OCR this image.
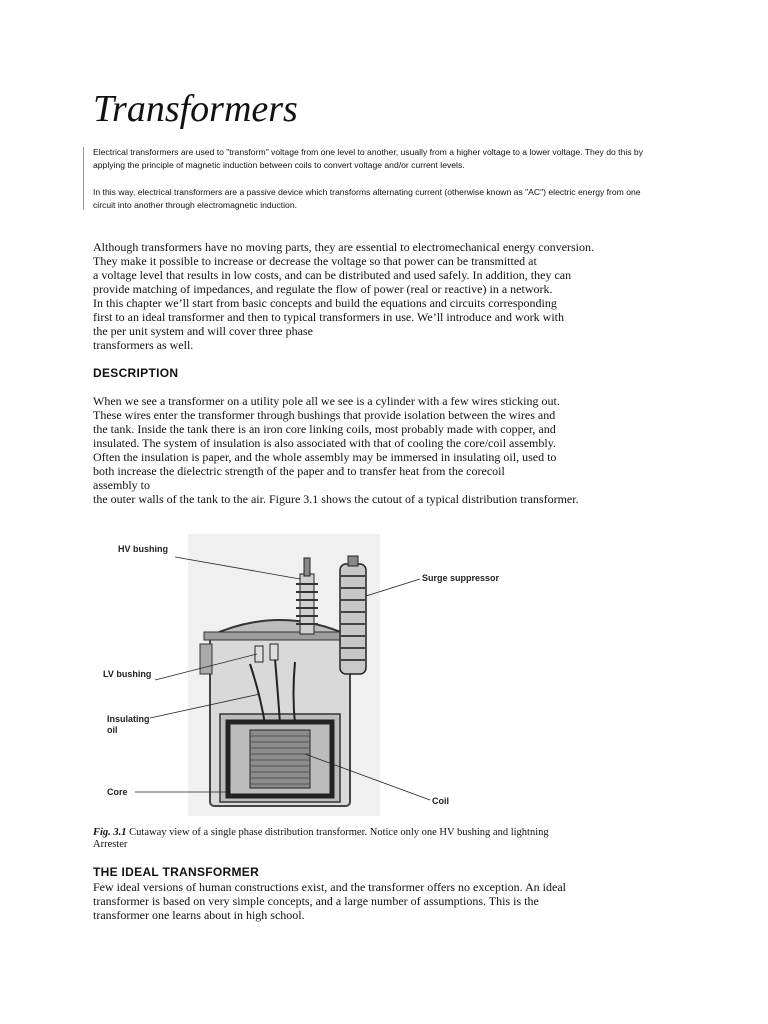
Transformers

Electrical transformers are used to "transform" voltage from one level to another, usually from a higher voltage to a lower voltage. They do this by
applying the principle of magnetic induction between coils to convert voltage and/or current levels.

In this way, electrical transformers are a passive device which transforms alternating current (otherwise known as "AC") electric energy from one
circuit into another through electromagnetic induction.

Although transformers have no moving parts, they are essential to electromechanical energy conversion.
They make it possible to increase or decrease the voltage so that power can be transmitted at
a voltage level that results in low costs, and can be distributed and used safely. In addition, they can
provide matching of impedances, and regulate the flow of power (real or reactive) in a network.
In this chapter we’ll start from basic concepts and build the equations and circuits corresponding
first to an ideal transformer and then to typical transformers in use. We’ll introduce and work with
the per unit system and will cover three phase
transformers as well.

DESCRIPTION

When we see a transformer on a utility pole all we see is a cylinder with a few wires sticking out.
These wires enter the transformer through bushings that provide isolation between the wires and
the tank. Inside the tank there is an iron core linking coils, most probably made with copper, and
insulated. The system of insulation is also associated with that of cooling the core/coil assembly.
Often the insulation is paper, and the whole assembly may be immersed in insulating oil, used to
both increase the dielectric strength of the paper and to transfer heat from the corecoil
assembly to
the outer walls of the tank to the air. Figure 3.1 shows the cutout of a typical distribution transformer.

HV bushing
Surge suppressor
LV bushing
Insulating
oil
Core
Coil

Fig. 3.1 Cutaway view of a single phase distribution transformer. Notice only one HV bushing and lightning
Arrester

THE IDEAL TRANSFORMER

Few ideal versions of human constructions exist, and the transformer offers no exception. An ideal
transformer is based on very simple concepts, and a large number of assumptions. This is the
transformer one learns about in high school.
